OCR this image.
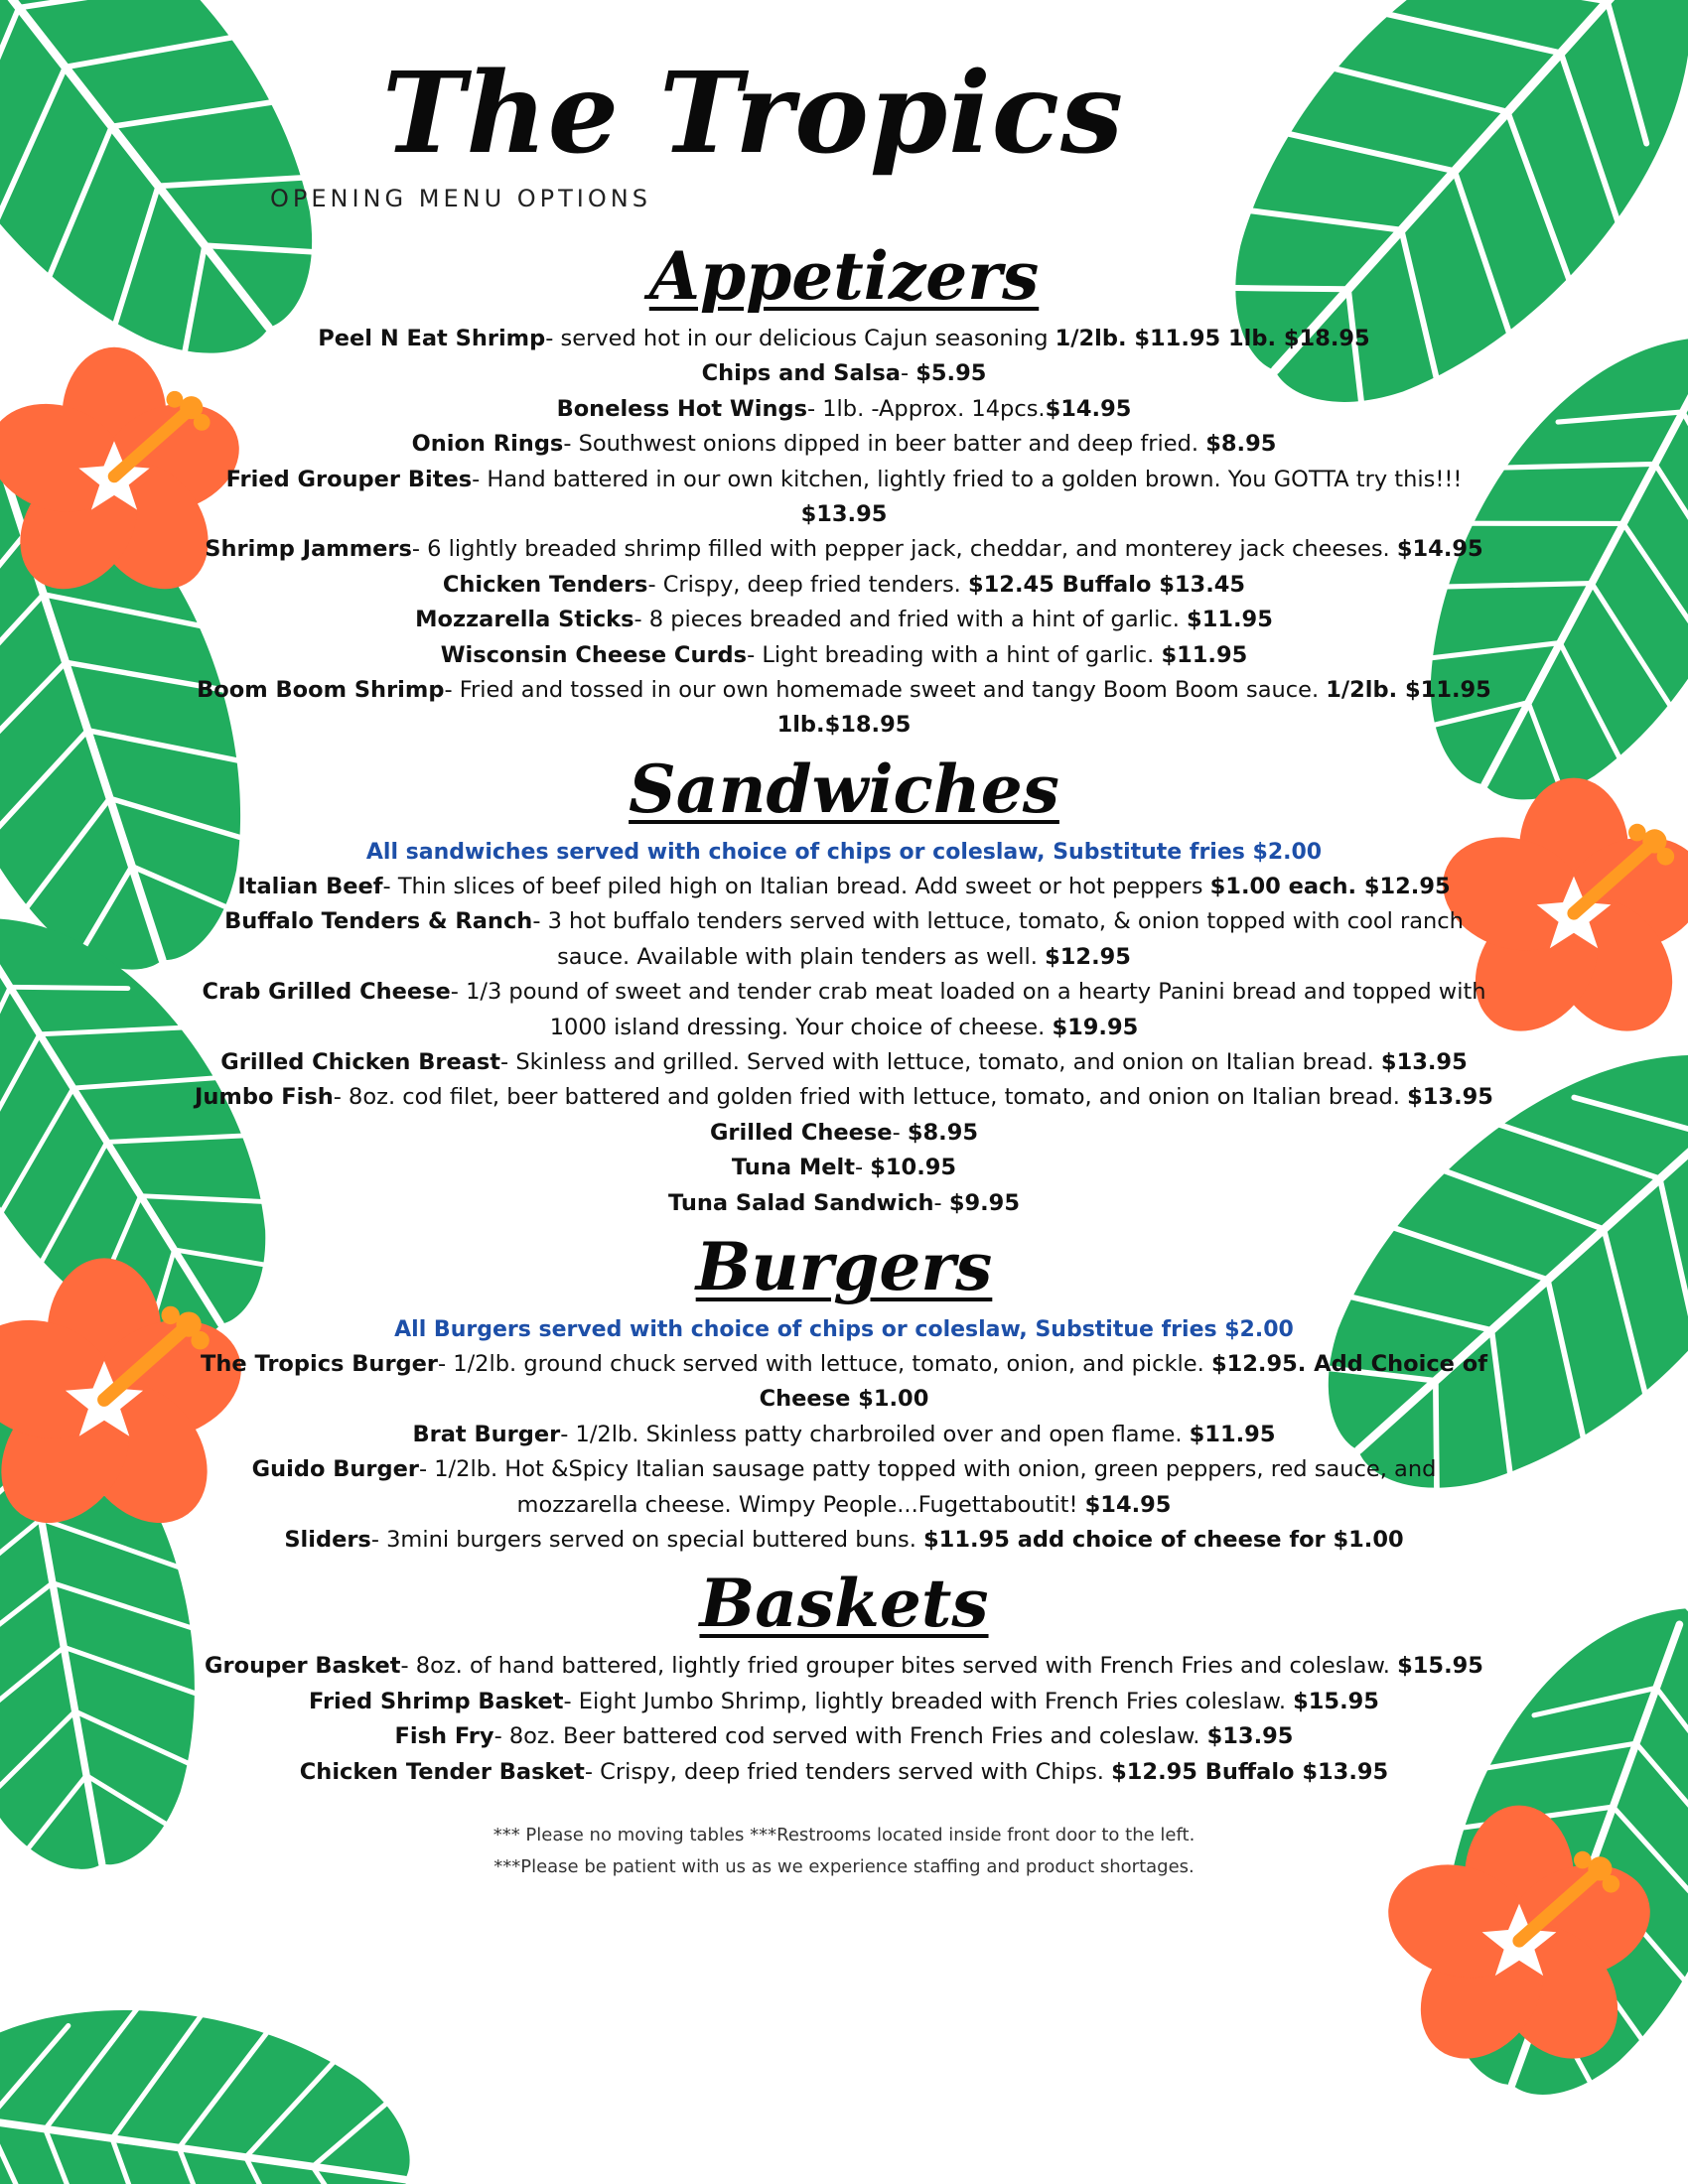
The Tropics
OPENING MENU OPTIONS
Appetizers

Peel N Eat Shrimp- served hot in our delicious Cajun seasoning 1/2lb. $11.95 1lb. $18.95

Chips and Salsa- $5.95

Boneless Hot Wings- 1lb. -Approx. 14pcs.$14.95

Onion Rings- Southwest onions dipped in beer batter and deep fried. $8.95

Fried Grouper Bites- Hand battered in our own kitchen, lightly fried to a golden brown. You GOTTA try this!!! $13.95

Shrimp Jammers- 6 lightly breaded shrimp filled with pepper jack, cheddar, and monterey jack cheeses. $14.95

Chicken Tenders- Crispy, deep fried tenders. $12.45 Buffalo $13.45

Mozzarella Sticks- 8 pieces breaded and fried with a hint of garlic. $11.95

Wisconsin Cheese Curds- Light breading with a hint of garlic. $11.95

Boom Boom Shrimp- Fried and tossed in our own homemade sweet and tangy Boom Boom sauce. 1/2lb. $11.95 1lb.$18.95

Sandwiches

All sandwiches served with choice of chips or coleslaw, Substitute fries $2.00

Italian Beef- Thin slices of beef piled high on Italian bread. Add sweet or hot peppers $1.00 each. $12.95

Buffalo Tenders & Ranch- 3 hot buffalo tenders served with lettuce, tomato, & onion topped with cool ranch sauce. Available with plain tenders as well. $12.95

Crab Grilled Cheese- 1/3 pound of sweet and tender crab meat loaded on a hearty Panini bread and topped with 1000 island dressing. Your choice of cheese. $19.95

Grilled Chicken Breast- Skinless and grilled. Served with lettuce, tomato, and onion on Italian bread. $13.95

Jumbo Fish- 8oz. cod filet, beer battered and golden fried with lettuce, tomato, and onion on Italian bread. $13.95

Grilled Cheese- $8.95

Tuna Melt- $10.95

Tuna Salad Sandwich- $9.95

Burgers

All Burgers served with choice of chips or coleslaw, Substitue fries $2.00

The Tropics Burger- 1/2lb. ground chuck served with lettuce, tomato, onion, and pickle. $12.95. Add Choice of Cheese $1.00

Brat Burger- 1/2lb. Skinless patty charbroiled over and open flame. $11.95

Guido Burger- 1/2lb. Hot &Spicy Italian sausage patty topped with onion, green peppers, red sauce, and mozzarella cheese. Wimpy People...Fugettaboutit! $14.95

Sliders- 3mini burgers served on special buttered buns. $11.95 add choice of cheese for $1.00

Baskets

Grouper Basket- 8oz. of hand battered, lightly fried grouper bites served with French Fries and coleslaw. $15.95

Fried Shrimp Basket- Eight Jumbo Shrimp, lightly breaded with French Fries coleslaw. $15.95

Fish Fry- 8oz. Beer battered cod served with French Fries and coleslaw. $13.95

Chicken Tender Basket- Crispy, deep fried tenders served with Chips. $12.95 Buffalo $13.95

*** Please no moving tables ***Restrooms located inside front door to the left.

***Please be patient with us as we experience staffing and product shortages.
